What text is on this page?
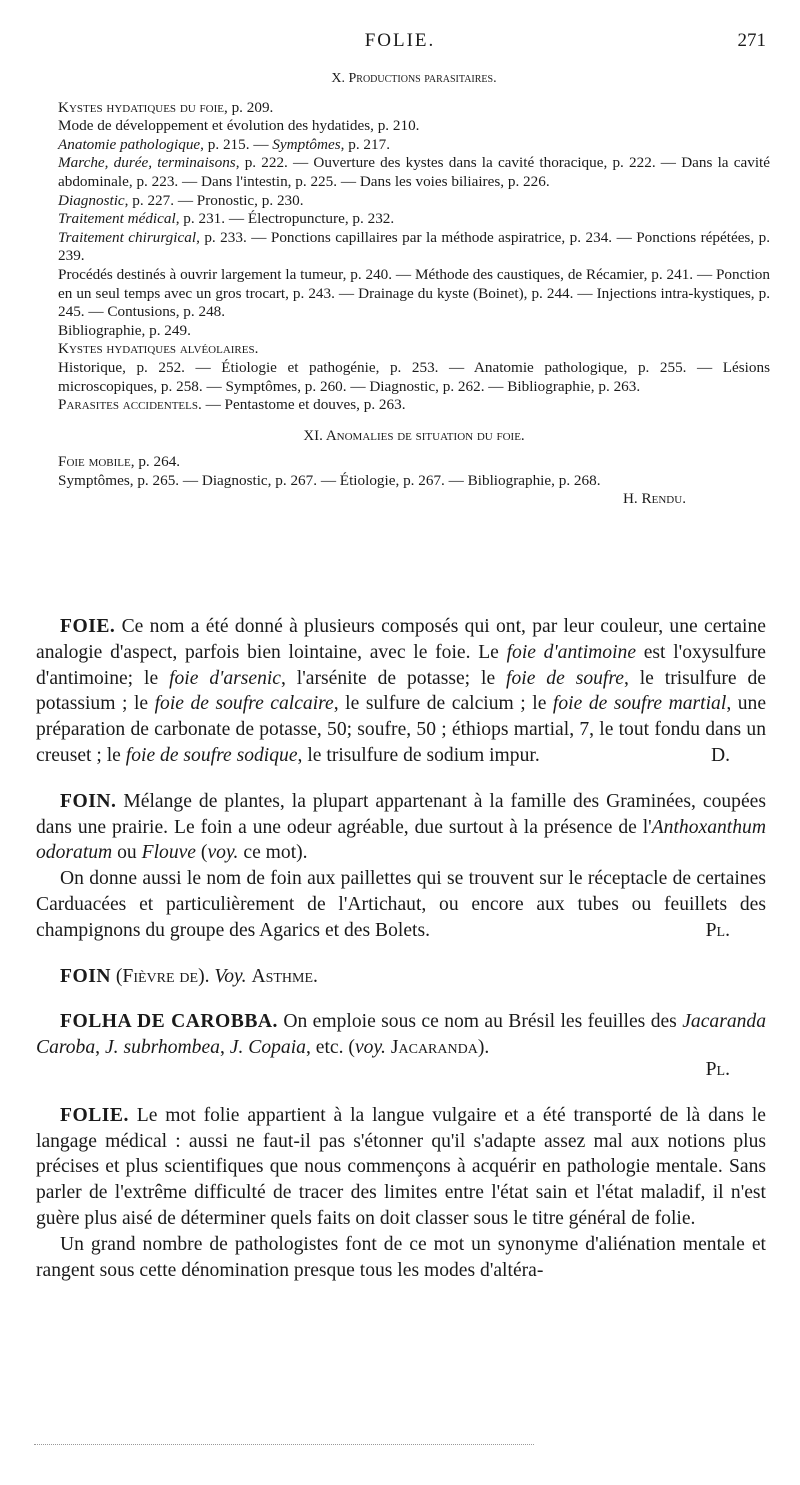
FOLIE.	271
X. Productions parasitaires.

Kystes hydatiques du foie, p. 209.

Mode de développement et évolution des hydatides, p. 210.

Anatomie pathologique, p. 215. — Symptômes, p. 217.

Marche, durée, terminaisons, p. 222. — Ouverture des kystes dans la cavité thoracique, p. 222. — Dans la cavité abdominale, p. 223. — Dans l'intestin, p. 225. — Dans les voies biliaires, p. 226.

Diagnostic, p. 227. — Pronostic, p. 230.

Traitement médical, p. 231. — Électropuncture, p. 232.

Traitement chirurgical, p. 233. — Ponctions capillaires par la méthode aspiratrice, p. 234. — Ponctions répétées, p. 239.

Procédés destinés à ouvrir largement la tumeur, p. 240. — Méthode des caustiques, de Récamier, p. 241. — Ponction en un seul temps avec un gros trocart, p. 243. — Drainage du kyste (Boinet), p. 244. — Injections intra-kystiques, p. 245. — Contusions, p. 248.

Bibliographie, p. 249.

Kystes hydatiques alvéolaires.

Historique, p. 252. — Étiologie et pathogénie, p. 253. — Anatomie pathologique, p. 255. — Lésions microscopiques, p. 258. — Symptômes, p. 260. — Diagnostic, p. 262. — Bibliographie, p. 263.

Parasites accidentels. — Pentastome et douves, p. 263.

XI. Anomalies de situation du foie.

Foie mobile, p. 264.

Symptômes, p. 265. — Diagnostic, p. 267. — Étiologie, p. 267. — Bibliographie, p. 268.

H. Rendu.

FOIE. Ce nom a été donné à plusieurs composés qui ont, par leur couleur, une certaine analogie d'aspect, parfois bien lointaine, avec le foie. Le foie d'antimoine est l'oxysulfure d'antimoine; le foie d'arsenic, l'arsénite de potasse; le foie de soufre, le trisulfure de potassium ; le foie de soufre calcaire, le sulfure de calcium ; le foie de soufre martial, une préparation de carbonate de potasse, 50; soufre, 50 ; éthiops martial, 7, le tout fondu dans un creuset ; le foie de soufre sodique, le trisulfure de sodium impur.	D.

FOIN. Mélange de plantes, la plupart appartenant à la famille des Graminées, coupées dans une prairie. Le foin a une odeur agréable, due surtout à la présence de l'Anthoxanthum odoratum ou Flouve (voy. ce mot).

On donne aussi le nom de foin aux paillettes qui se trouvent sur le réceptacle de certaines Carduacées et particulièrement de l'Artichaut, ou encore aux tubes ou feuillets des champignons du groupe des Agarics et des Bolets.	Pl.

FOIN (Fièvre de). Voy. Asthme.

FOLHA DE CAROBBA. On emploie sous ce nom au Brésil les feuilles des Jacaranda Caroba, J. subrhombea, J. Copaia, etc. (voy. Jacaranda).

Pl.

FOLIE. Le mot folie appartient à la langue vulgaire et a été transporté de là dans le langage médical : aussi ne faut-il pas s'étonner qu'il s'adapte assez mal aux notions plus précises et plus scientifiques que nous commençons à acquérir en pathologie mentale. Sans parler de l'extrême difficulté de tracer des limites entre l'état sain et l'état maladif, il n'est guère plus aisé de déterminer quels faits on doit classer sous le titre général de folie.

Un grand nombre de pathologistes font de ce mot un synonyme d'aliénation mentale et rangent sous cette dénomination presque tous les modes d'altéra-
